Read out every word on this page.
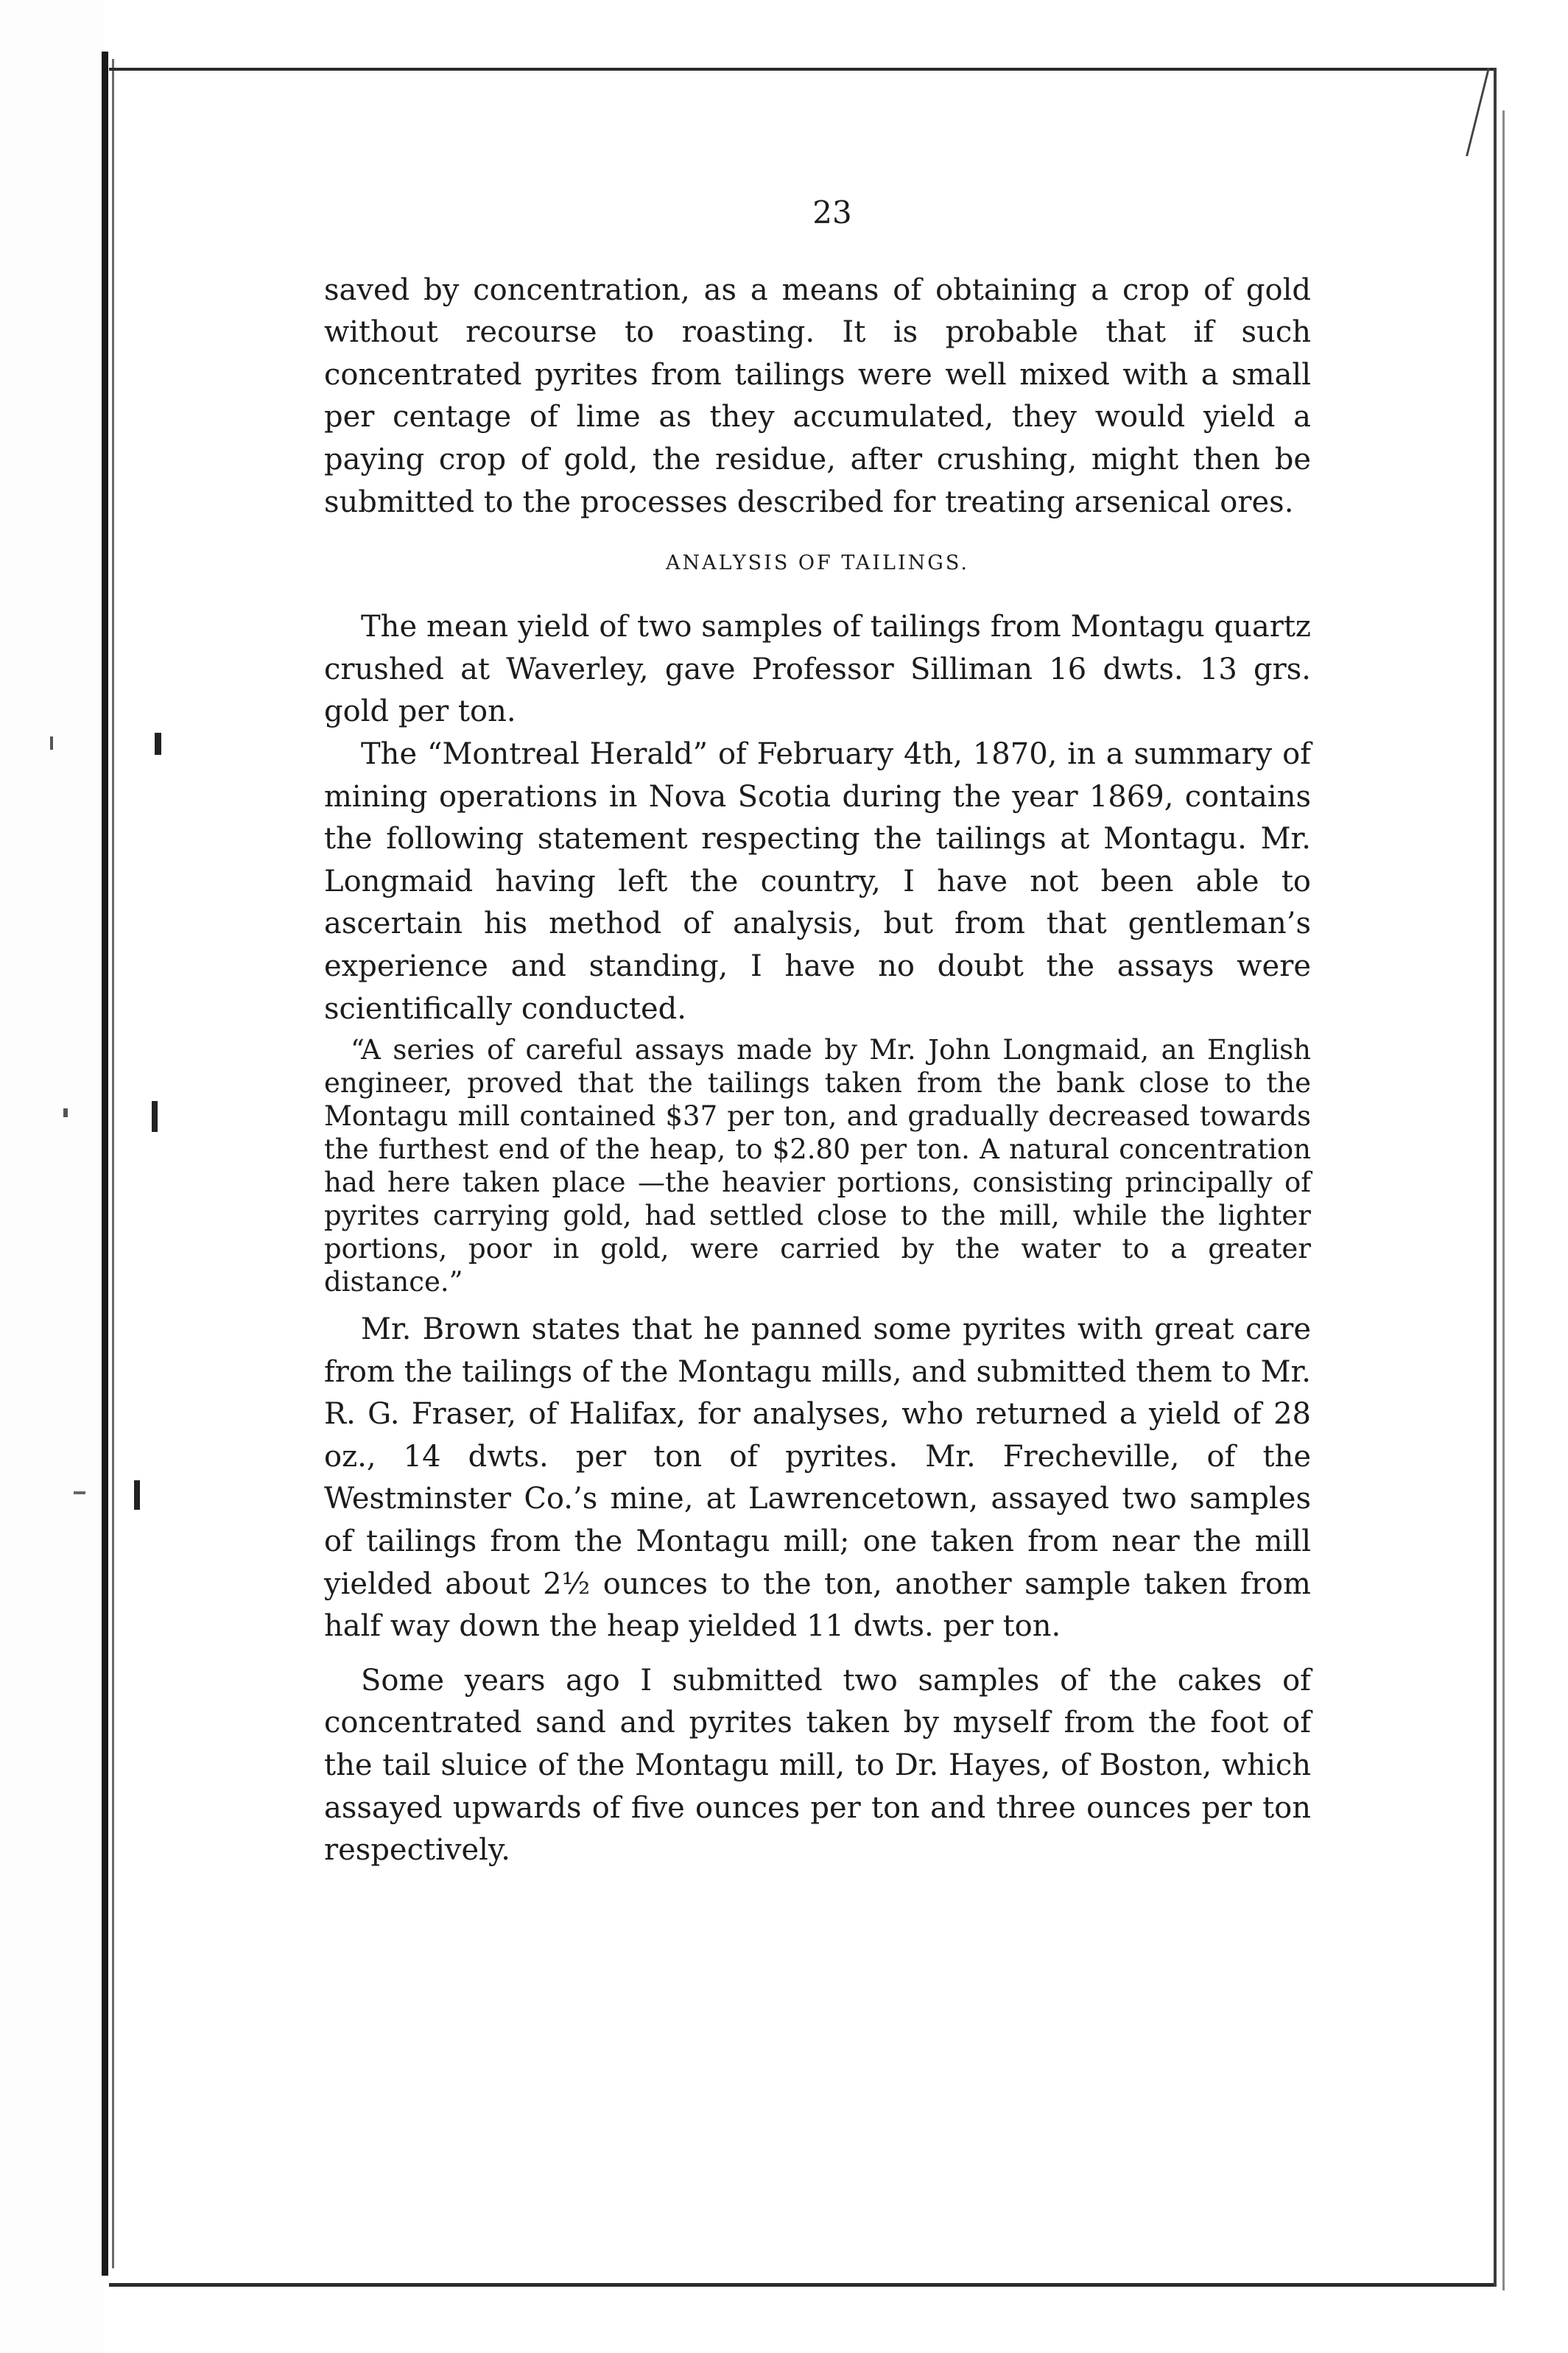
23

saved by concentration, as a means of obtaining a crop of gold without recourse to roasting. It is probable that if such concentrated pyrites from tailings were well mixed with a small per centage of lime as they accumulated, they would yield a paying crop of gold, the residue, after crushing, might then be submitted to the processes described for treating arsenical ores.

ANALYSIS OF TAILINGS.

The mean yield of two samples of tailings from Montagu quartz crushed at Waverley, gave Professor Silliman 16 dwts. 13 grs. gold per ton.

The “Montreal Herald” of February 4th, 1870, in a summary of mining operations in Nova Scotia during the year 1869, contains the following statement respecting the tailings at Montagu. Mr. Longmaid having left the country, I have not been able to ascertain his method of analysis, but from that gentleman’s experience and standing, I have no doubt the assays were scientifically conducted.

“A series of careful assays made by Mr. John Longmaid, an English engineer, proved that the tailings taken from the bank close to the Montagu mill contained $37 per ton, and gradually decreased towards the furthest end of the heap, to $2.80 per ton. A natural concentration had here taken place —the heavier portions, consisting principally of pyrites carrying gold, had settled close to the mill, while the lighter portions, poor in gold, were carried by the water to a greater distance.”

Mr. Brown states that he panned some pyrites with great care from the tailings of the Montagu mills, and submitted them to Mr. R. G. Fraser, of Halifax, for analyses, who returned a yield of 28 oz., 14 dwts. per ton of pyrites. Mr. Frecheville, of the Westminster Co.’s mine, at Lawrencetown, assayed two samples of tailings from the Montagu mill; one taken from near the mill yielded about 2½ ounces to the ton, another sample taken from half way down the heap yielded 11 dwts. per ton.

Some years ago I submitted two samples of the cakes of concentrated sand and pyrites taken by myself from the foot of the tail sluice of the Montagu mill, to Dr. Hayes, of Boston, which assayed upwards of five ounces per ton and three ounces per ton respectively.
